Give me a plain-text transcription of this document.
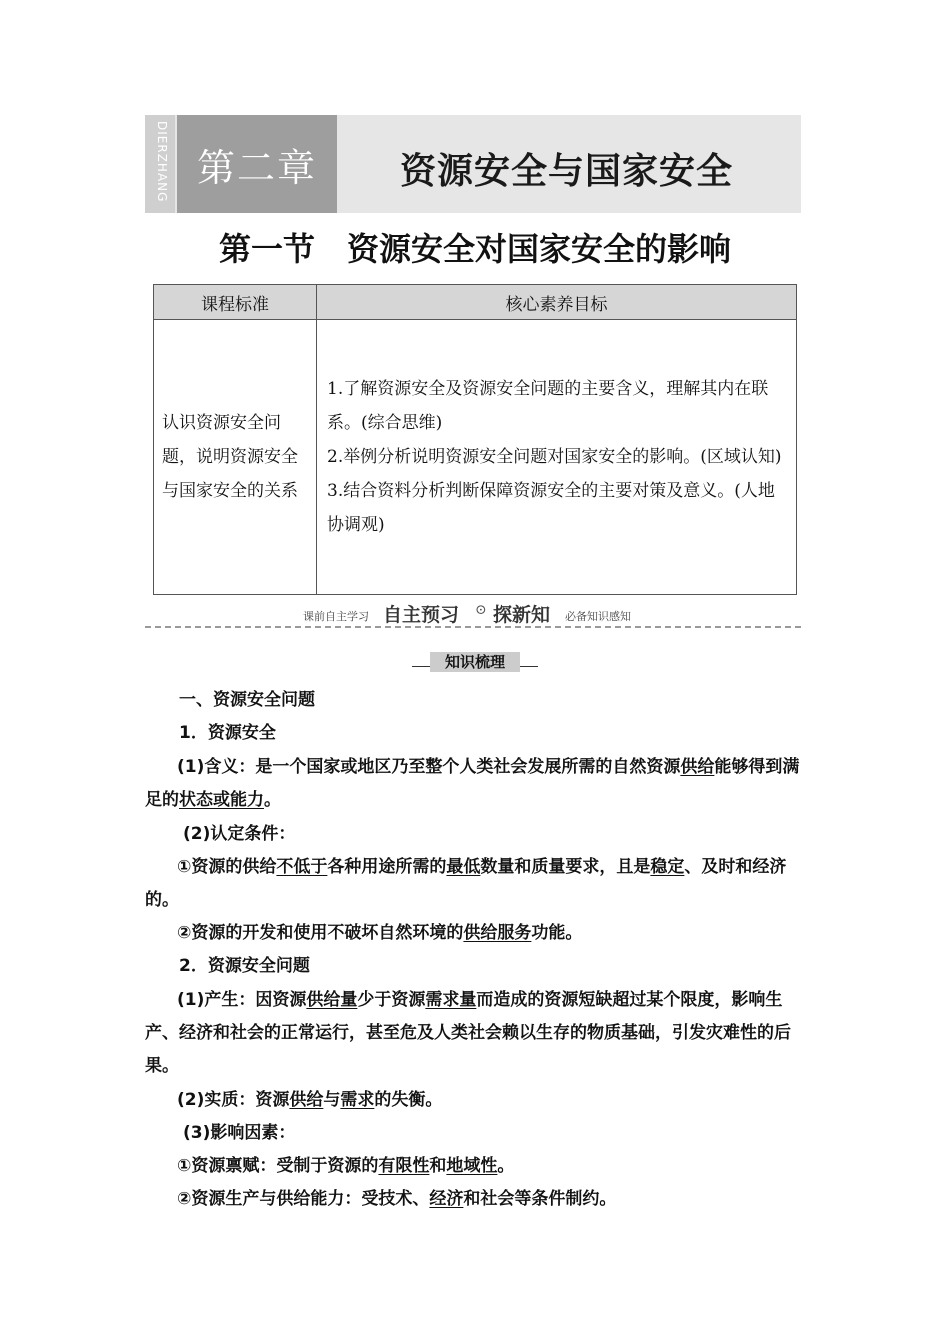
DIERZHANG 第二章	资源安全与国家安全
第一节　资源安全对国家安全的影响
课程标准	核心素养目标
认识资源安全问题，说明资源安全与国家安全的关系	1.了解资源安全及资源安全问题的主要含义，理解其内在联系。(综合思维)

2.举例分析说明资源安全问题对国家安全的影响。(区域认知)

3.结合资料分析判断保障资源安全的主要对策及意义。(人地协调观)

课前自主学习 自主预习 ⊙ 探新知 必备知识感知
知识梳理

一、资源安全问题

1．资源安全

(1)含义：是一个国家或地区乃至整个人类社会发展所需的自然资源供给能够得到满足的状态或能力。

(2)认定条件：

①资源的供给不低于各种用途所需的最低数量和质量要求，且是稳定、及时和经济的。

②资源的开发和使用不破坏自然环境的供给服务功能。

2．资源安全问题

(1)产生：因资源供给量少于资源需求量而造成的资源短缺超过某个限度，影响生产、经济和社会的正常运行，甚至危及人类社会赖以生存的物质基础，引发灾难性的后果。

(2)实质：资源供给与需求的失衡。

(3)影响因素：

①资源禀赋：受制于资源的有限性和地域性。

②资源生产与供给能力：受技术、经济和社会等条件制约。
